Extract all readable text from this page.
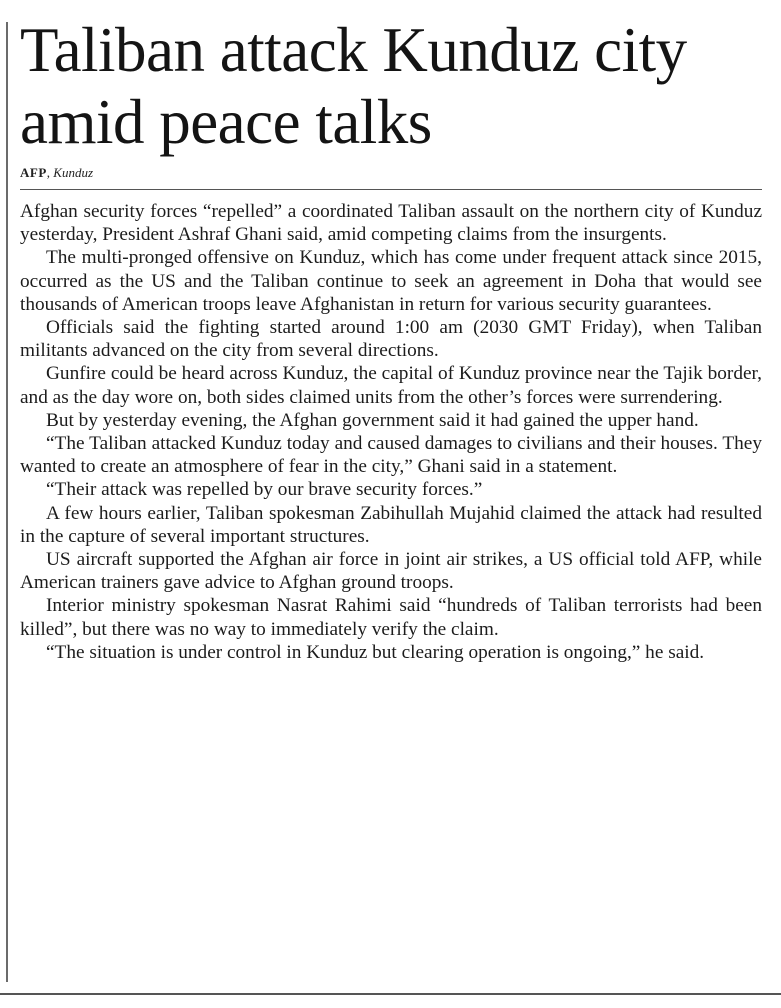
Taliban attack Kunduz city amid peace talks
AFP, Kunduz

Afghan security forces “repelled” a coordinated Taliban assault on the northern city of Kunduz yesterday, President Ashraf Ghani said, amid competing claims from the insurgents.

The multi-pronged offensive on Kunduz, which has come under frequent attack since 2015, occurred as the US and the Taliban continue to seek an agreement in Doha that would see thousands of American troops leave Afghanistan in return for various security guarantees.

Officials said the fighting started around 1:00 am (2030 GMT Friday), when Taliban militants advanced on the city from several directions.

Gunfire could be heard across Kunduz, the capital of Kunduz province near the Tajik border, and as the day wore on, both sides claimed units from the other’s forces were surrendering.

But by yesterday evening, the Afghan government said it had gained the upper hand.

“The Taliban attacked Kunduz today and caused damages to civilians and their houses. They wanted to create an atmosphere of fear in the city,” Ghani said in a statement.

“Their attack was repelled by our brave security forces.”

A few hours earlier, Taliban spokesman Zabihullah Mujahid claimed the attack had resulted in the capture of several important structures.

US aircraft supported the Afghan air force in joint air strikes, a US official told AFP, while American trainers gave advice to Afghan ground troops.

Interior ministry spokesman Nasrat Rahimi said “hundreds of Taliban terrorists had been killed”, but there was no way to immediately verify the claim.

“The situation is under control in Kunduz but clearing operation is ongoing,” he said.
